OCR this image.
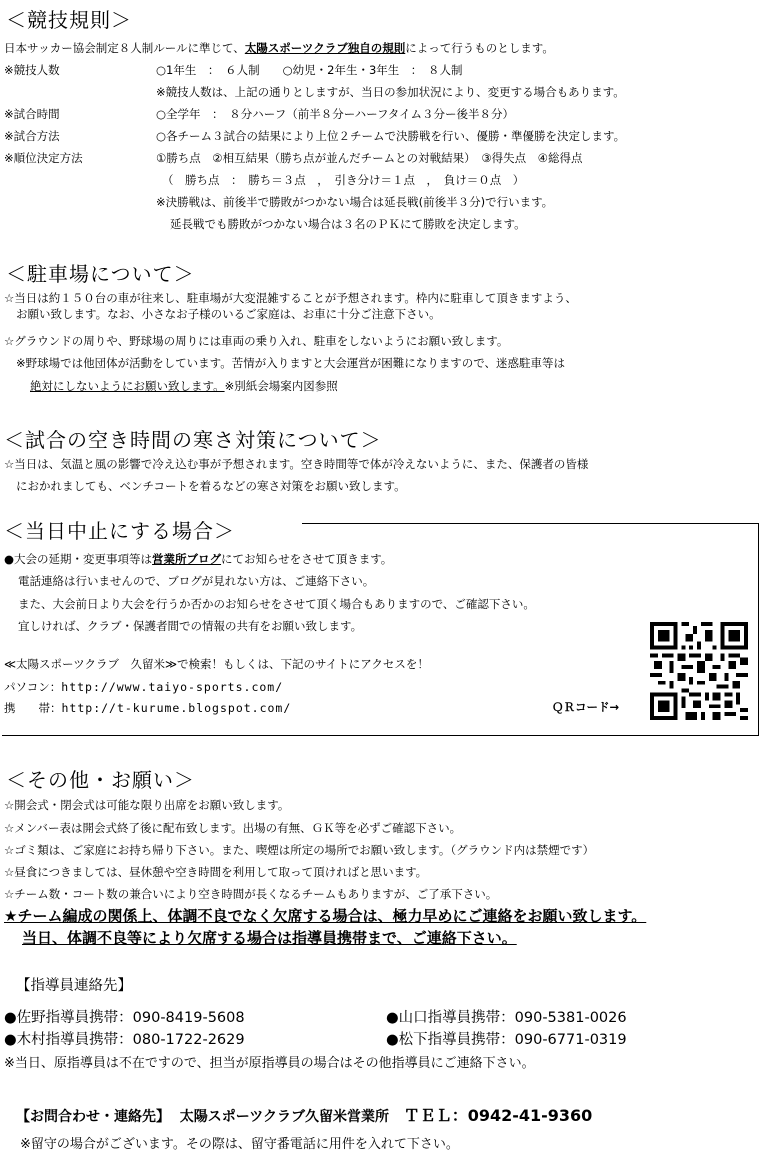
＜競技規則＞
日本サッカー協会制定８人制ルールに準じて、太陽スポーツクラブ独自の規則によって行うものとします。
※競技人数	○1年生　：　６人制　　○幼児・2年生・3年生　：　８人制
※競技人数は、上記の通りとしますが、当日の参加状況により、変更する場合もあります。
※試合時間	○全学年　：　８分ハーフ（前半８分ーハーフタイム３分ー後半８分）
※試合方法	○各チーム３試合の結果により上位２チームで決勝戦を行い、優勝・準優勝を決定します。
※順位決定方法	①勝ち点　②相互結果（勝ち点が並んだチームとの対戦結果）　③得失点　④総得点
（　勝ち点　：　勝ち＝３点　，　引き分け＝１点　，　負け＝０点　）
※決勝戦は、前後半で勝敗がつかない場合は延長戦(前後半３分)で行います。
延長戦でも勝敗がつかない場合は３名のＰＫにて勝敗を決定します。
＜駐車場について＞
☆当日は約１５０台の車が往来し、駐車場が大変混雑することが予想されます。枠内に駐車して頂きますよう、
お願い致します。なお、小さなお子様のいるご家庭は、お車に十分ご注意下さい。
☆グラウンドの周りや、野球場の周りには車両の乗り入れ、駐車をしないようにお願い致します。
※野球場では他団体が活動をしています。苦情が入りますと大会運営が困難になりますので、迷惑駐車等は
絶対にしないようにお願い致します。※別紙会場案内図参照
＜試合の空き時間の寒さ対策について＞
☆当日は、気温と風の影響で冷え込む事が予想されます。空き時間等で体が冷えないように、また、保護者の皆様
におかれましても、ベンチコートを着るなどの寒さ対策をお願い致します。
＜当日中止にする場合＞
●大会の延期・変更事項等は営業所ブログにてお知らせをさせて頂きます。
電話連絡は行いませんので、ブログが見れない方は、ご連絡下さい。
また、大会前日より大会を行うか否かのお知らせをさせて頂く場合もありますので、ご確認下さい。
宜しければ、クラブ・保護者間での情報の共有をお願い致します。
≪太陽スポーツクラブ　久留米≫で検索！もしくは、下記のサイトにアクセスを！
パソコン：http://www.taiyo-sports.com/
携　　帯：http://t-kurume.blogspot.com/	ＱＲコード→
＜その他・お願い＞
☆開会式・閉会式は可能な限り出席をお願い致します。
☆メンバー表は開会式終了後に配布致します。出場の有無、ＧＫ等を必ずご確認下さい。
☆ゴミ類は、ご家庭にお持ち帰り下さい。また、喫煙は所定の場所でお願い致します。（グラウンド内は禁煙です）
☆昼食につきましては、昼休憩や空き時間を利用して取って頂ければと思います。
☆チーム数・コート数の兼合いにより空き時間が長くなるチームもありますが、ご了承下さい。
★チーム編成の関係上、体調不良でなく欠席する場合は、極力早めにご連絡をお願い致します。
当日、体調不良等により欠席する場合は指導員携帯まで、ご連絡下さい。
【指導員連絡先】
●佐野指導員携帯：090-8419-5608	●山口指導員携帯：090-5381-0026
●木村指導員携帯：080-1722-2629	●松下指導員携帯：090-6771-0319
※当日、原指導員は不在ですので、担当が原指導員の場合はその他指導員にご連絡下さい。
【お問合わせ・連絡先】 太陽スポーツクラブ久留米営業所 ＴＥＬ：0942-41-9360
※留守の場合がございます。その際は、留守番電話に用件を入れて下さい。
